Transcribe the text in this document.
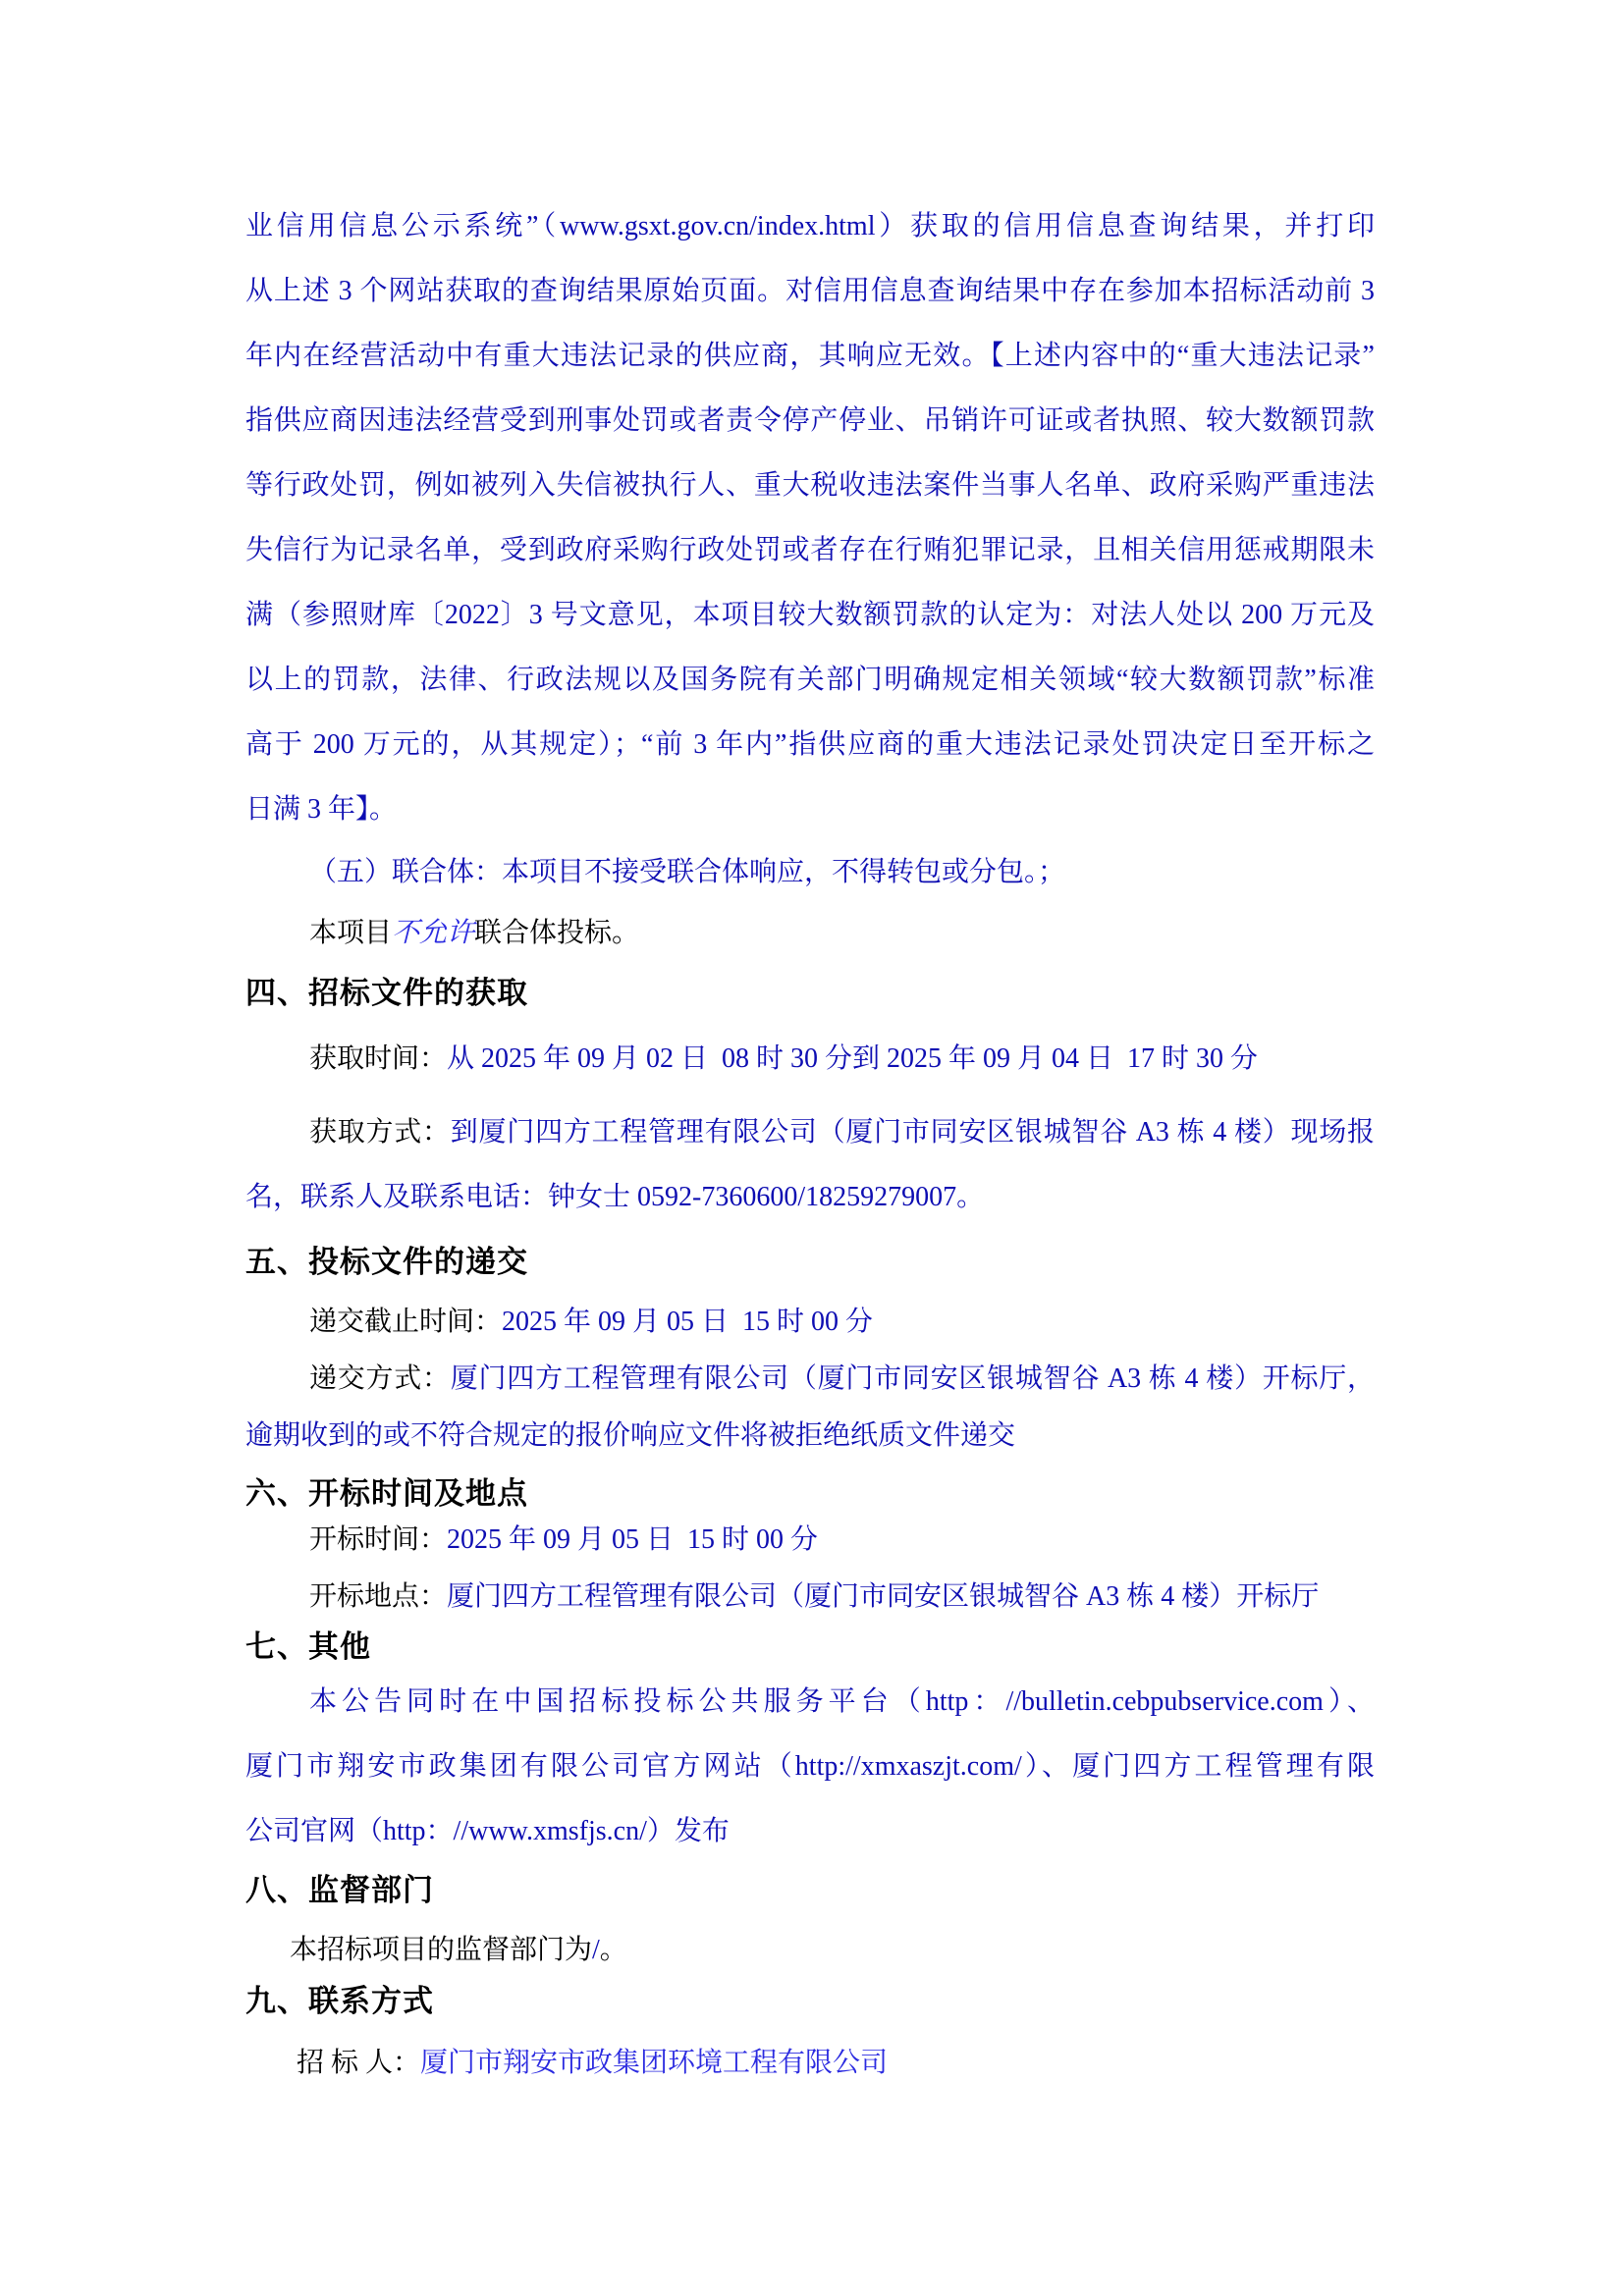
业信用信息公示系统”（www.gsxt.gov.cn/index.html）获取的信用信息查询结果，并打印
从上述 3 个网站获取的查询结果原始页面。对信用信息查询结果中存在参加本招标活动前 3
年内在经营活动中有重大违法记录的供应商，其响应无效。【上述内容中的“重大违法记录”
指供应商因违法经营受到刑事处罚或者责令停产停业、吊销许可证或者执照、较大数额罚款
等行政处罚，例如被列入失信被执行人、重大税收违法案件当事人名单、政府采购严重违法
失信行为记录名单，受到政府采购行政处罚或者存在行贿犯罪记录，且相关信用惩戒期限未
满（参照财库〔2022〕3 号文意见，本项目较大数额罚款的认定为：对法人处以 200 万元及
以上的罚款，法律、行政法规以及国务院有关部门明确规定相关领域“较大数额罚款”标准
高于 200 万元的，从其规定）；“前 3 年内”指供应商的重大违法记录处罚决定日至开标之
日满 3 年】。
（五）联合体：本项目不接受联合体响应，不得转包或分包。；
本项目不允许联合体投标。
四、招标文件的获取
获取时间：从 2025 年 09 月 02 日  08 时 30 分到 2025 年 09 月 04 日  17 时 30 分
获取方式：到厦门四方工程管理有限公司（厦门市同安区银城智谷 A3 栋 4 楼）现场报
名，联系人及联系电话：钟女士 0592-7360600/18259279007。
五、投标文件的递交
递交截止时间：2025 年 09 月 05 日  15 时 00 分
递交方式：厦门四方工程管理有限公司（厦门市同安区银城智谷 A3 栋 4 楼）开标厅，
逾期收到的或不符合规定的报价响应文件将被拒绝纸质文件递交
六、开标时间及地点
开标时间：2025 年 09 月 05 日  15 时 00 分
开标地点：厦门四方工程管理有限公司（厦门市同安区银城智谷 A3 栋 4 楼）开标厅
七、其他
本公告同时在中国招标投标公共服务平台（http：//bulletin.cebpubservice.com）、
厦门市翔安市政集团有限公司官方网站（http://xmxaszjt.com/）、厦门四方工程管理有限
公司官网（http：//www.xmsfjs.cn/）发布
八、监督部门
本招标项目的监督部门为/。
九、联系方式
招 标 人：厦门市翔安市政集团环境工程有限公司
